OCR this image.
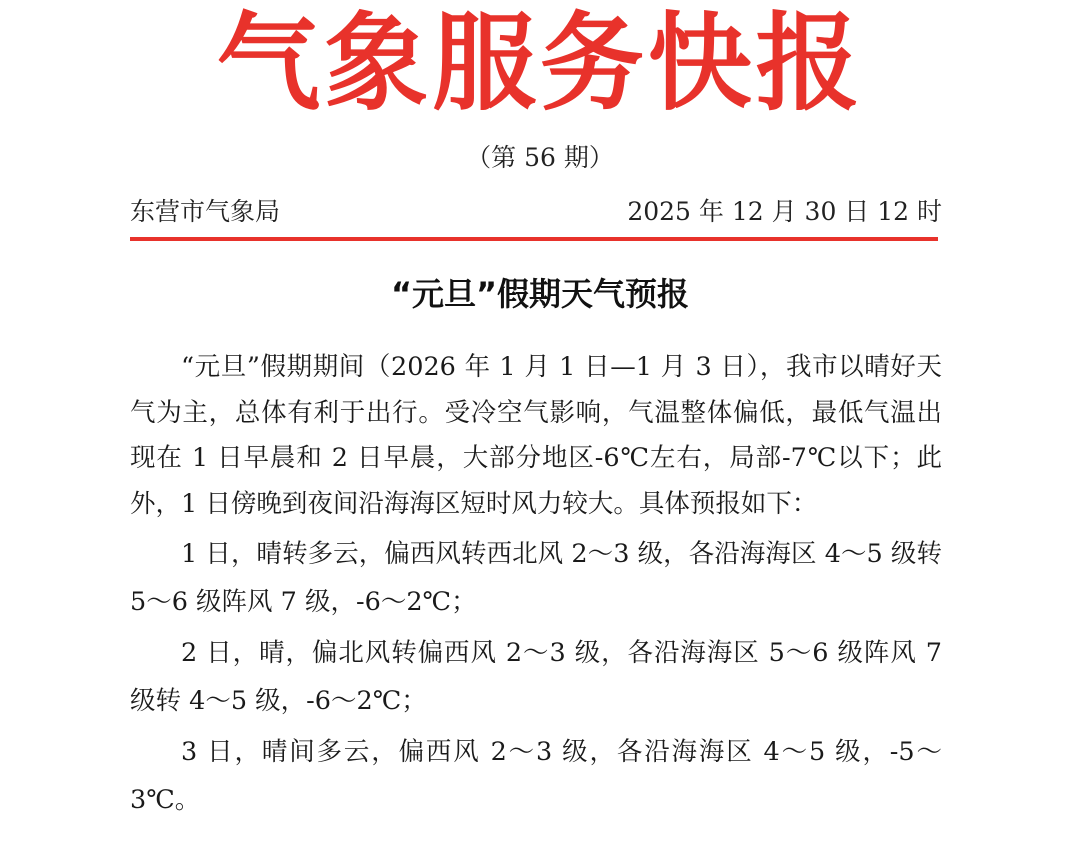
气象服务快报
（第 56 期）
东营市气象局	2025 年 12 月 30 日 12 时
“元旦”假期天气预报

“元旦”假期期间（2026 年 1 月 1 日—1 月 3 日），我市以晴好天气为主，总体有利于出行。受冷空气影响，气温整体偏低，最低气温出现在 1 日早晨和 2 日早晨，大部分地区-6℃左右，局部-7℃以下；此外，1 日傍晚到夜间沿海海区短时风力较大。具体预报如下：

1 日，晴转多云，偏西风转西北风 2～3 级，各沿海海区 4～5 级转 5～6 级阵风 7 级，-6～2℃；

2 日，晴，偏北风转偏西风 2～3 级，各沿海海区 5～6 级阵风 7 级转 4～5 级，-6～2℃；

3 日，晴间多云，偏西风 2～3 级，各沿海海区 4～5 级，-5～3℃。
